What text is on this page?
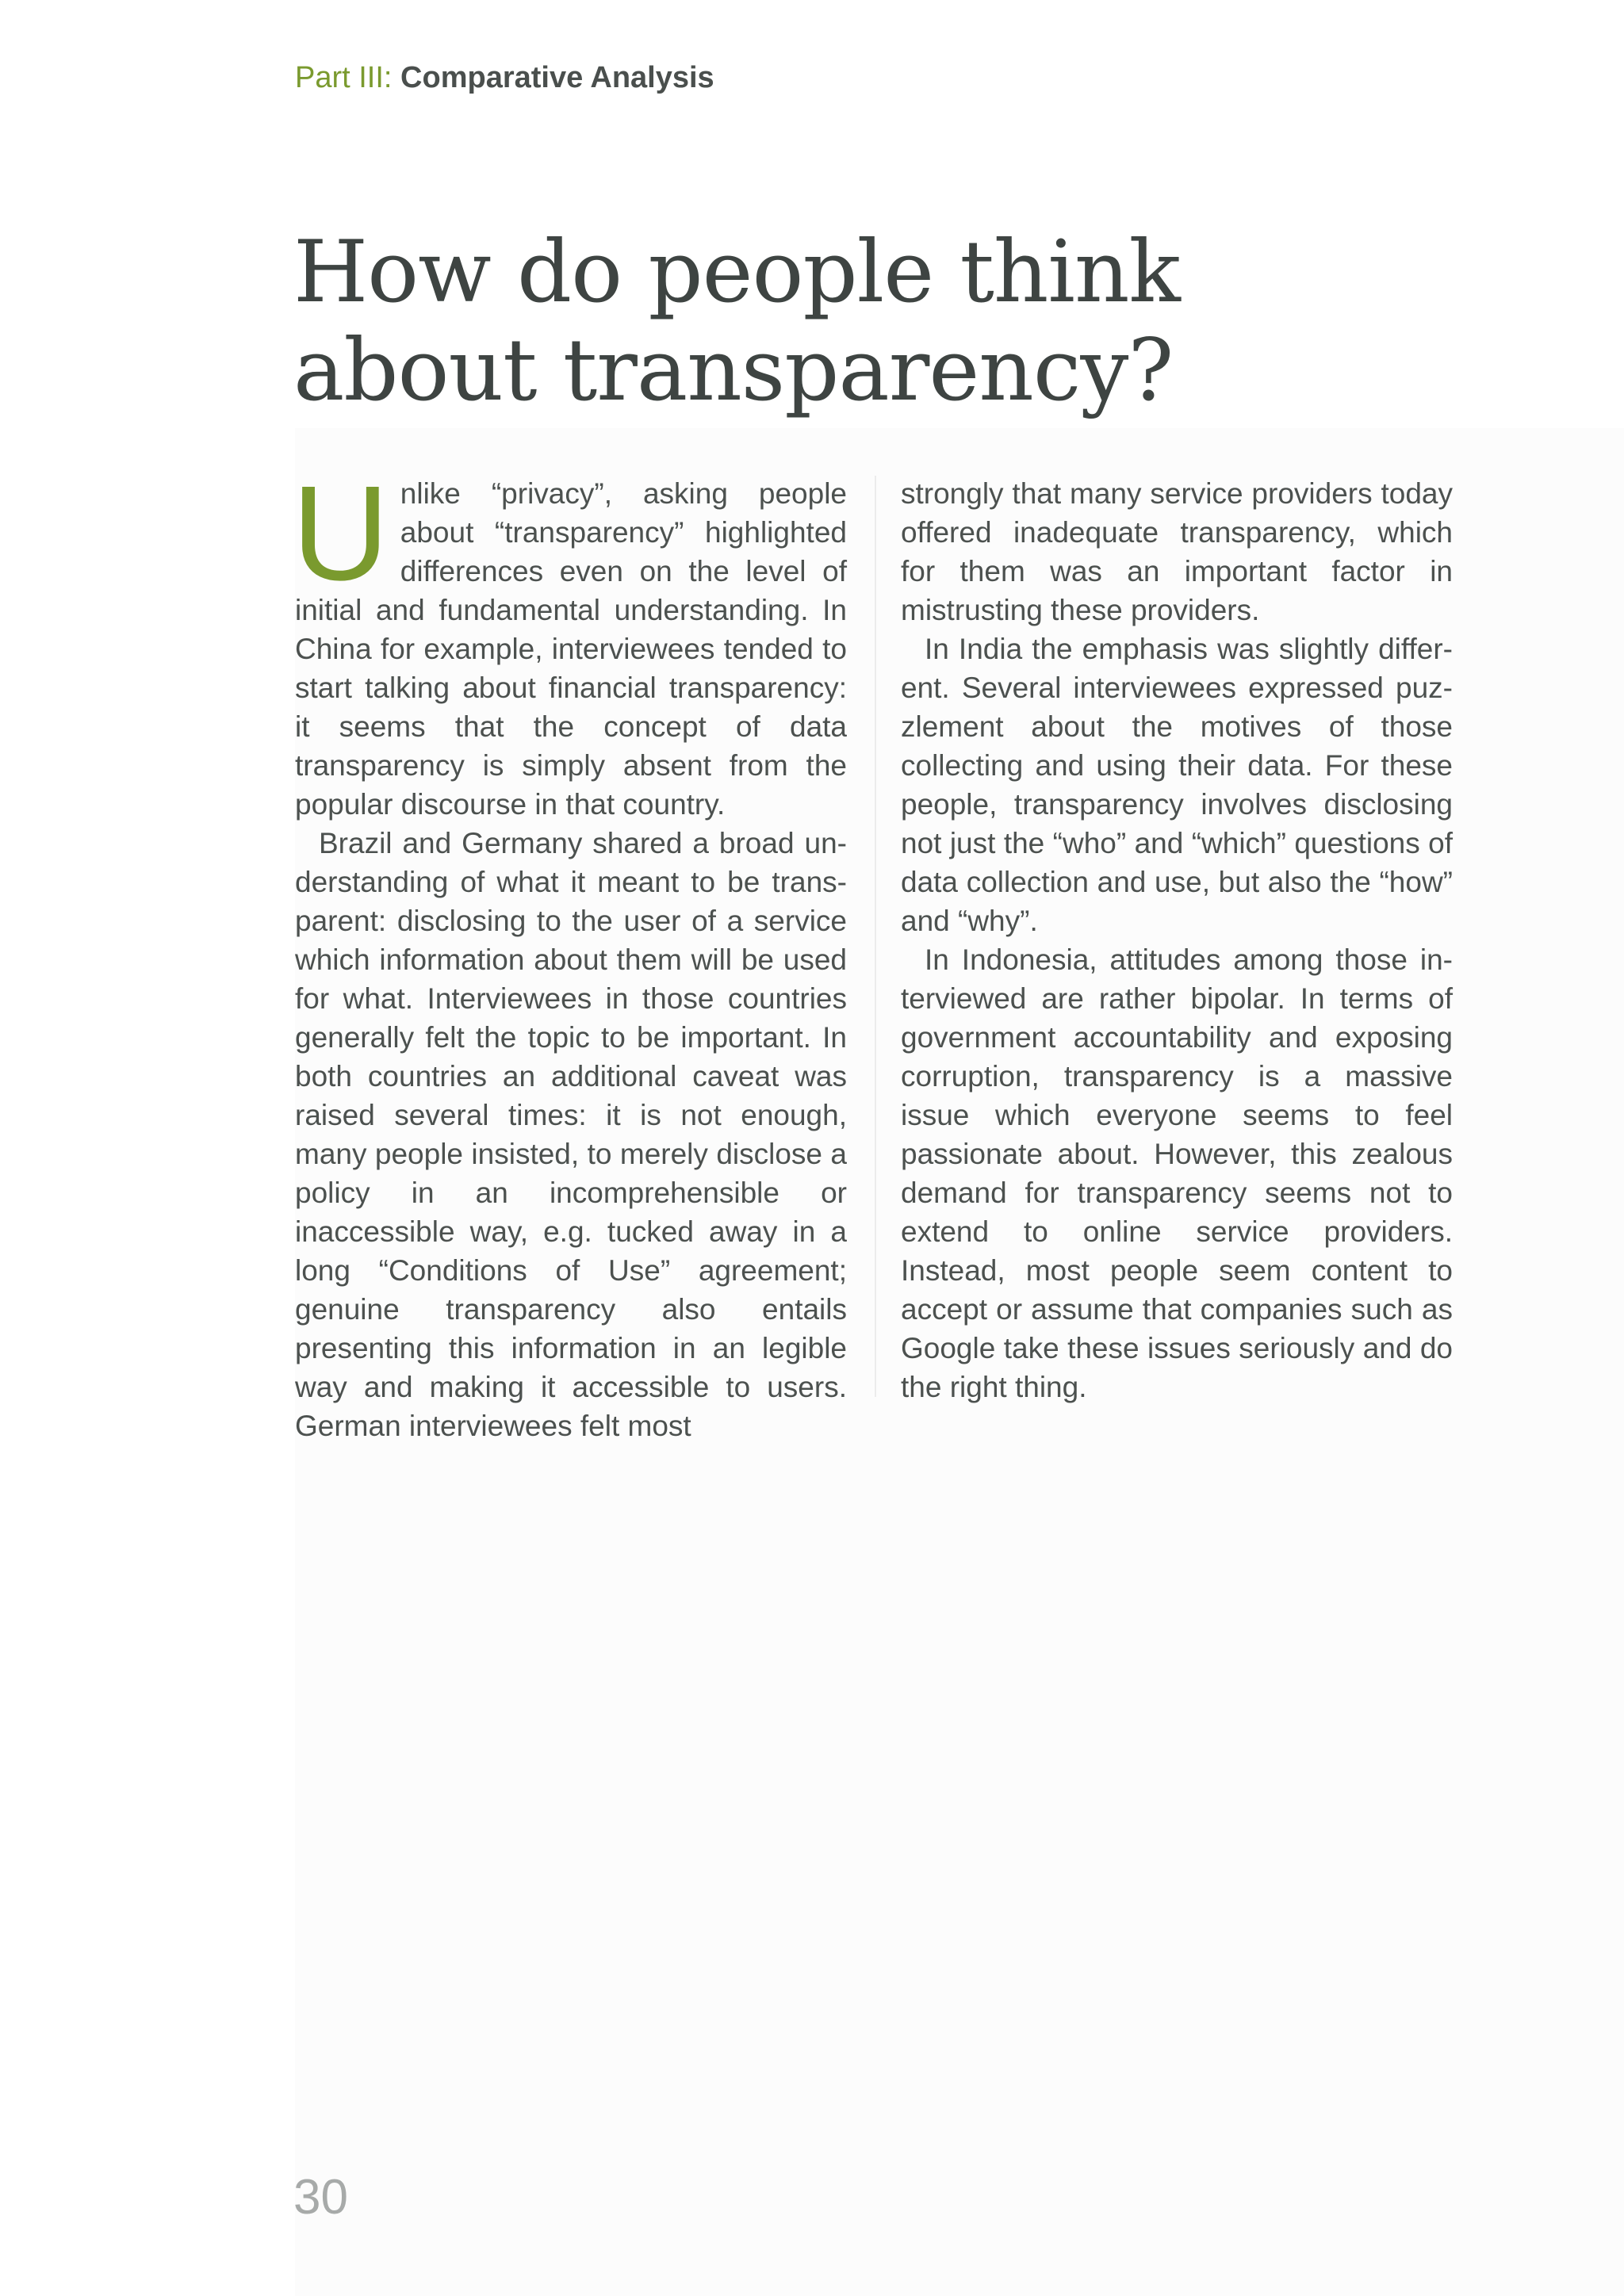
Part III: Comparative Analysis
How do people think
about transparency?

Unlike “privacy”, asking people about “transparency” highlighted differences even on the level of initial and fundamental understanding. In China for example, interviewees tended to start talking about financial transparency: it seems that the concept of data transparency is simply absent from the popular discourse in that country.

Brazil and Germany shared a broad understanding of what it meant to be transparent: disclosing to the user of a service which information about them will be used for what. Interviewees in those countries generally felt the topic to be important. In both countries an additional caveat was raised several times: it is not enough, many people insisted, to merely disclose a policy in an incomprehensible or inaccessible way, e.g. tucked away in a long “Conditions of Use” agreement; genuine transparency also entails presenting this information in an legible way and making it accessible to users. German interviewees felt most

strongly that many service providers today offered inadequate transparency, which for them was an important factor in mistrusting these providers.

In India the emphasis was slightly different. Several interviewees expressed puzzlement about the motives of those collecting and using their data. For these people, transparency involves disclosing not just the “who” and “which” questions of data collection and use, but also the “how” and “why”.

In Indonesia, attitudes among those interviewed are rather bipolar. In terms of government accountability and exposing corruption, transparency is a massive issue which everyone seems to feel passionate about. However, this zealous demand for transparency seems not to extend to online service providers. Instead, most people seem content to accept or assume that companies such as Google take these issues seriously and do the right thing.

30
